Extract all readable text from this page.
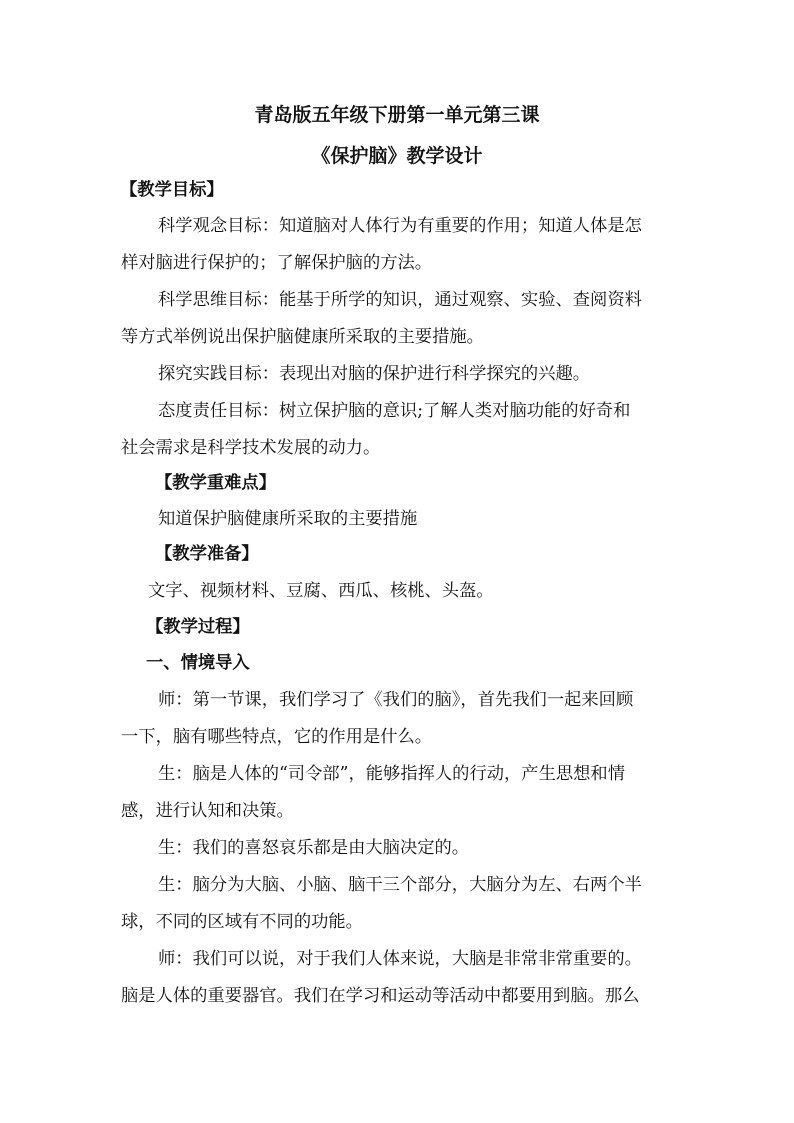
青岛版五年级下册第一单元第三课
《保护脑》教学设计
【教学目标】
科学观念目标：知道脑对人体行为有重要的作用；知道人体是怎
样对脑进行保护的；了解保护脑的方法。
科学思维目标：能基于所学的知识，通过观察、实验、查阅资料
等方式举例说出保护脑健康所采取的主要措施。
探究实践目标：表现出对脑的保护进行科学探究的兴趣。
态度责任目标：树立保护脑的意识;了解人类对脑功能的好奇和
社会需求是科学技术发展的动力。
【教学重难点】
知道保护脑健康所采取的主要措施
【教学准备】
文字、视频材料、豆腐、西瓜、核桃、头盔。
【教学过程】
一、情境导入
师：第一节课，我们学习了《我们的脑》，首先我们一起来回顾
一下，脑有哪些特点，它的作用是什么。
生：脑是人体的“司令部”，能够指挥人的行动，产生思想和情
感，进行认知和决策。
生：我们的喜怒哀乐都是由大脑决定的。
生：脑分为大脑、小脑、脑干三个部分，大脑分为左、右两个半
球，不同的区域有不同的功能。
师：我们可以说，对于我们人体来说，大脑是非常非常重要的。
脑是人体的重要器官。我们在学习和运动等活动中都要用到脑。那么
